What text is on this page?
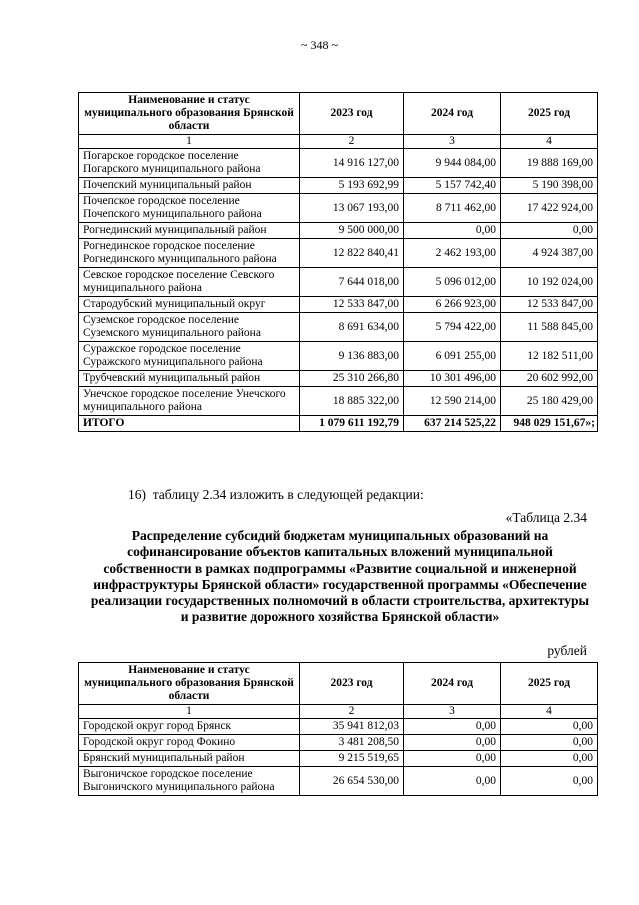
~ 348 ~
Наименование и статус муниципального образования Брянской области	2023 год	2024 год	2025 год
1	2	3	4
Погарское городское поселение Погарского муниципального района	14 916 127,00	9 944 084,00	19 888 169,00
Почепский муниципальный район	5 193 692,99	5 157 742,40	5 190 398,00
Почепское городское поселение Почепского муниципального района	13 067 193,00	8 711 462,00	17 422 924,00
Рогнединский муниципальный район	9 500 000,00	0,00	0,00
Рогнединское городское поселение Рогнединского муниципального района	12 822 840,41	2 462 193,00	4 924 387,00
Севское городское поселение Севского муниципального района	7 644 018,00	5 096 012,00	10 192 024,00
Стародубский муниципальный округ	12 533 847,00	6 266 923,00	12 533 847,00
Суземское городское поселение Суземского муниципального района	8 691 634,00	5 794 422,00	11 588 845,00
Суражское городское поселение Суражского муниципального района	9 136 883,00	6 091 255,00	12 182 511,00
Трубчевский муниципальный район	25 310 266,80	10 301 496,00	20 602 992,00
Унечское городское поселение Унечского муниципального района	18 885 322,00	12 590 214,00	25 180 429,00
ИТОГО	1 079 611 192,79	637 214 525,22	948 029 151,67»;
16)  таблицу 2.34 изложить в следующей редакции:
«Таблица 2.34
Распределение субсидий бюджетам муниципальных образований на софинансирование объектов капитальных вложений муниципальной собственности в рамках подпрограммы «Развитие социальной и инженерной инфраструктуры Брянской области» государственной программы «Обеспечение реализации государственных полномочий в области строительства, архитектуры и развитие дорожного хозяйства Брянской области»
рублей
Наименование и статус муниципального образования Брянской области	2023 год	2024 год	2025 год
1	2	3	4
Городской округ город Брянск	35 941 812,03	0,00	0,00
Городской округ город Фокино	3 481 208,50	0,00	0,00
Брянский муниципальный район	9 215 519,65	0,00	0,00
Выгоничское городское поселение Выгоничского муниципального района	26 654 530,00	0,00	0,00
